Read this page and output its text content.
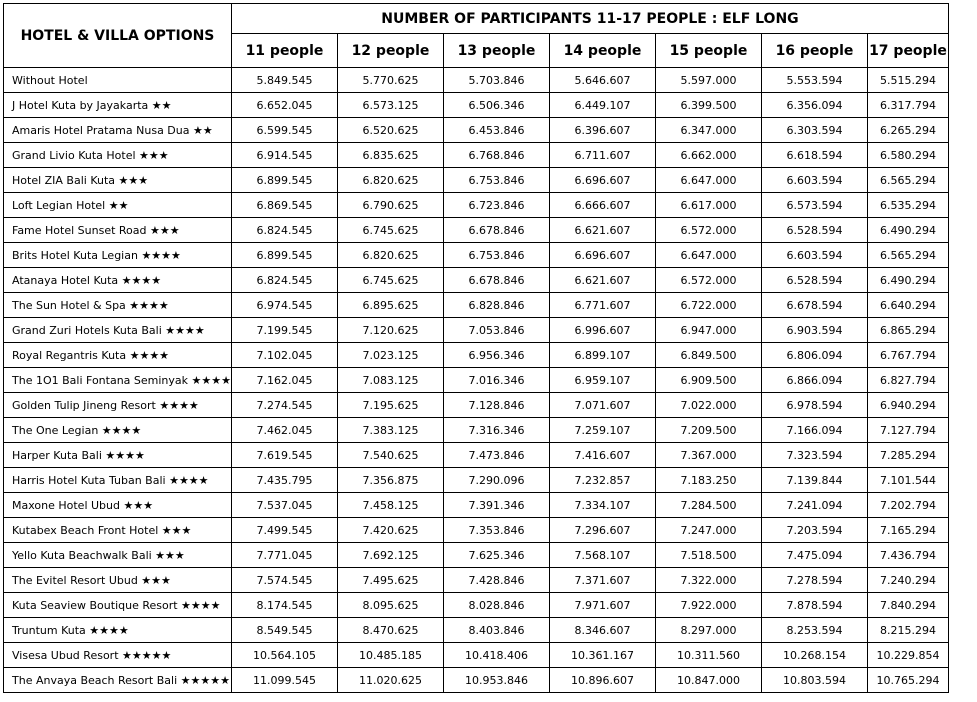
HOTEL & VILLA OPTIONS	NUMBER OF PARTICIPANTS 11-17 PEOPLE : ELF LONG						
	11 people	12 people	13 people	14 people	15 people	16 people	17 people
Without Hotel	5.849.545	5.770.625	5.703.846	5.646.607	5.597.000	5.553.594	5.515.294
J Hotel Kuta by Jayakarta ★★	6.652.045	6.573.125	6.506.346	6.449.107	6.399.500	6.356.094	6.317.794
Amaris Hotel Pratama Nusa Dua ★★	6.599.545	6.520.625	6.453.846	6.396.607	6.347.000	6.303.594	6.265.294
Grand Livio Kuta Hotel ★★★	6.914.545	6.835.625	6.768.846	6.711.607	6.662.000	6.618.594	6.580.294
Hotel ZIA Bali Kuta ★★★	6.899.545	6.820.625	6.753.846	6.696.607	6.647.000	6.603.594	6.565.294
Loft Legian Hotel ★★	6.869.545	6.790.625	6.723.846	6.666.607	6.617.000	6.573.594	6.535.294
Fame Hotel Sunset Road ★★★	6.824.545	6.745.625	6.678.846	6.621.607	6.572.000	6.528.594	6.490.294
Brits Hotel Kuta Legian ★★★★	6.899.545	6.820.625	6.753.846	6.696.607	6.647.000	6.603.594	6.565.294
Atanaya Hotel Kuta ★★★★	6.824.545	6.745.625	6.678.846	6.621.607	6.572.000	6.528.594	6.490.294
The Sun Hotel & Spa ★★★★	6.974.545	6.895.625	6.828.846	6.771.607	6.722.000	6.678.594	6.640.294
Grand Zuri Hotels Kuta Bali ★★★★	7.199.545	7.120.625	7.053.846	6.996.607	6.947.000	6.903.594	6.865.294
Royal Regantris Kuta ★★★★	7.102.045	7.023.125	6.956.346	6.899.107	6.849.500	6.806.094	6.767.794
The 1O1 Bali Fontana Seminyak ★★★★	7.162.045	7.083.125	7.016.346	6.959.107	6.909.500	6.866.094	6.827.794
Golden Tulip Jineng Resort ★★★★	7.274.545	7.195.625	7.128.846	7.071.607	7.022.000	6.978.594	6.940.294
The One Legian ★★★★	7.462.045	7.383.125	7.316.346	7.259.107	7.209.500	7.166.094	7.127.794
Harper Kuta Bali ★★★★	7.619.545	7.540.625	7.473.846	7.416.607	7.367.000	7.323.594	7.285.294
Harris Hotel Kuta Tuban Bali ★★★★	7.435.795	7.356.875	7.290.096	7.232.857	7.183.250	7.139.844	7.101.544
Maxone Hotel Ubud ★★★	7.537.045	7.458.125	7.391.346	7.334.107	7.284.500	7.241.094	7.202.794
Kutabex Beach Front Hotel ★★★	7.499.545	7.420.625	7.353.846	7.296.607	7.247.000	7.203.594	7.165.294
Yello Kuta Beachwalk Bali ★★★	7.771.045	7.692.125	7.625.346	7.568.107	7.518.500	7.475.094	7.436.794
The Evitel Resort Ubud ★★★	7.574.545	7.495.625	7.428.846	7.371.607	7.322.000	7.278.594	7.240.294
Kuta Seaview Boutique Resort ★★★★	8.174.545	8.095.625	8.028.846	7.971.607	7.922.000	7.878.594	7.840.294
Truntum Kuta ★★★★	8.549.545	8.470.625	8.403.846	8.346.607	8.297.000	8.253.594	8.215.294
Visesa Ubud Resort ★★★★★	10.564.105	10.485.185	10.418.406	10.361.167	10.311.560	10.268.154	10.229.854
The Anvaya Beach Resort Bali ★★★★★	11.099.545	11.020.625	10.953.846	10.896.607	10.847.000	10.803.594	10.765.294
